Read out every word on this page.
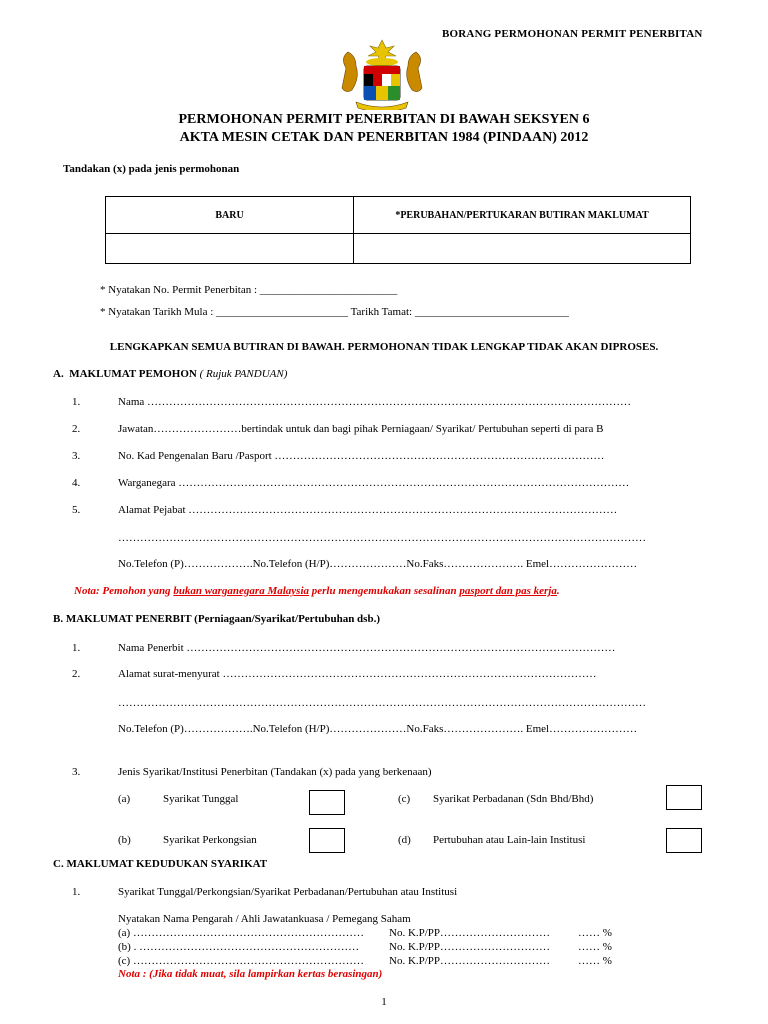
BORANG PERMOHONAN PERMIT PENERBITAN
PERMOHONAN PERMIT PENERBITAN DI BAWAH SEKSYEN 6
AKTA MESIN CETAK DAN PENERBITAN 1984 (PINDAAN) 2012
Tandakan (x) pada jenis permohonan
BARU	*PERUBAHAN/PERTUKARAN BUTIRAN MAKLUMAT

* Nyatakan No. Permit Penerbitan : _________________________
* Nyatakan Tarikh Mula : ________________________ Tarikh Tamat: ____________________________
LENGKAPKAN SEMUA BUTIRAN DI BAWAH. PERMOHONAN TIDAK LENGKAP TIDAK AKAN DIPROSES.
A. MAKLUMAT PEMOHON ( Rujuk PANDUAN)
1.	Nama ……………………………………………………………………………………………………………………
2.	Jawatan……………………bertindak untuk dan bagi pihak Perniagaan/ Syarikat/ Pertubuhan seperti di para B
3.	No. Kad Pengenalan Baru /Pasport ………………………………………………………………………………
4.	Warganegara ……………………………………………………………………………………………………………
5.	Alamat Pejabat ………………………………………………………………………………………………………
………………………………………………………………………………………………………………………………
No.Telefon (P)……………….No.Telefon (H/P)…………………No.Faks…………………. Emel……………………
Nota: Pemohon yang bukan warganegara Malaysia perlu mengemukakan sesalinan pasport dan pas kerja.
B. MAKLUMAT PENERBIT (Perniagaan/Syarikat/Pertubuhan dsb.)
1.	Nama Penerbit ………………………………………………………………………………………………………
2.	Alamat surat-menyurat …………………………………………………………………………………………
………………………………………………………………………………………………………………………………
No.Telefon (P)……………….No.Telefon (H/P)…………………No.Faks…………………. Emel……………………
3.	Jenis Syarikat/Institusi Penerbitan (Tandakan (x) pada yang berkenaan)
(a)	Syarikat Tunggal	(c) Syarikat Perbadanan (Sdn Bhd/Bhd)
(b)	Syarikat Perkongsian	(d) Pertubuhan atau Lain-lain Institusi
C. MAKLUMAT KEDUDUKAN SYARIKAT
1.	Syarikat Tunggal/Perkongsian/Syarikat Perbadanan/Pertubuhan atau Institusi
Nyatakan Nama Pengarah / Ahli Jawatankuasa / Pemegang Saham
(a) ……………………………………………………… No. K.P/PP…………………………	…… %
(b) . ……………………………………………………	No. K.P/PP…………………………	…… %
(c) ……………………………………………………… No. K.P/PP…………………………	…… %
Nota : (Jika tidak muat, sila lampirkan kertas berasingan)
1
